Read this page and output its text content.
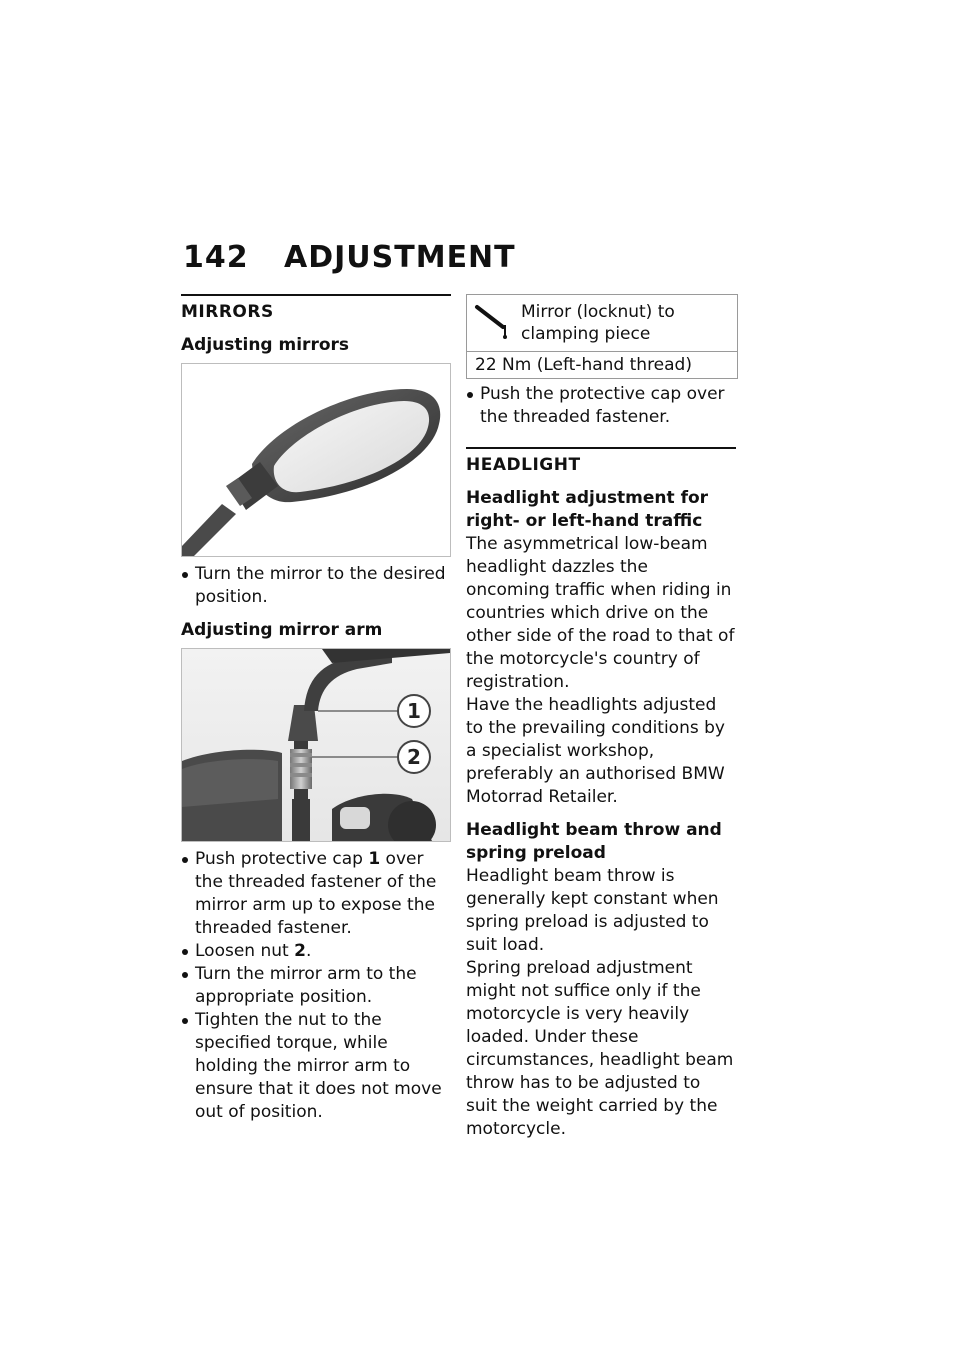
142 ADJUSTMENT
MIRRORS
Adjusting mirrors
Turn the mirror to the desired position.
Adjusting mirror arm
1
2
Push protective cap 1 over the threaded fastener of the mirror arm up to expose the threaded fastener.
Loosen nut 2.
Turn the mirror arm to the appropriate position.
Tighten the nut to the specified torque, while holding the mirror arm to ensure that it does not move out of position.
Mirror (locknut) to clamping piece
22 Nm (Left-hand thread)
Push the protective cap over the threaded fastener.
HEADLIGHT
Headlight adjustment for right- or left-hand traffic

The asymmetrical low-beam headlight dazzles the oncoming traffic when riding in countries which drive on the other side of the road to that of the motorcycle's country of registration.

Have the headlights adjusted to the prevailing conditions by a specialist workshop, preferably an authorised BMW Motorrad Retailer.

Headlight beam throw and spring preload

Headlight beam throw is generally kept constant when spring preload is adjusted to suit load.

Spring preload adjustment might not suffice only if the motorcycle is very heavily loaded. Under these circumstances, headlight beam throw has to be adjusted to suit the weight carried by the motorcycle.
